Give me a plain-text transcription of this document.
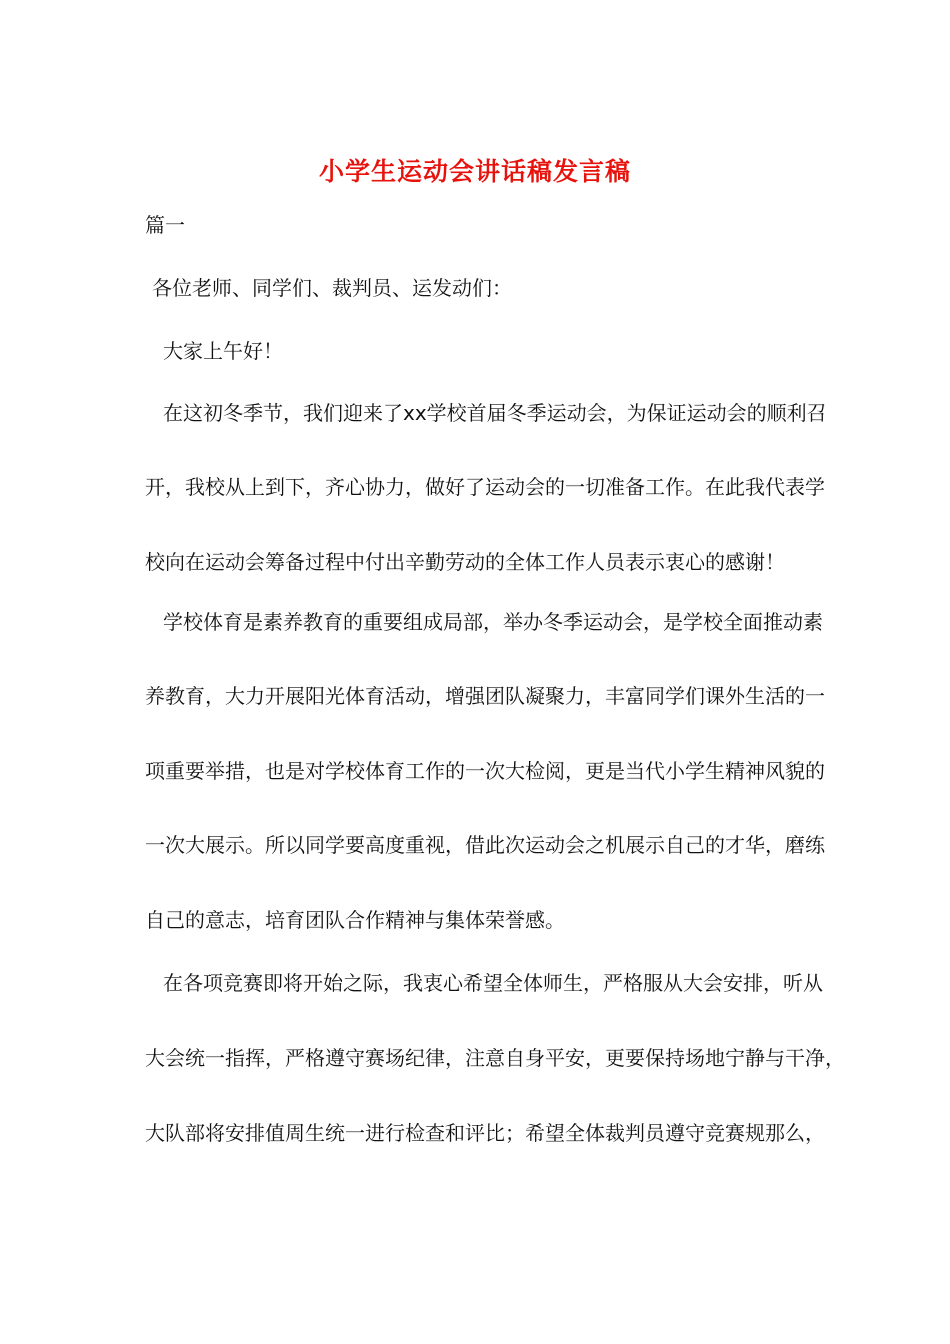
小学生运动会讲话稿发言稿
篇一
各位老师、同学们、裁判员、运发动们：
大家上午好！
在这初冬季节，我们迎来了xx学校首届冬季运动会，为保证运动会的顺利召
开，我校从上到下，齐心协力，做好了运动会的一切准备工作。在此我代表学
校向在运动会筹备过程中付出辛勤劳动的全体工作人员表示衷心的感谢！
学校体育是素养教育的重要组成局部，举办冬季运动会，是学校全面推动素
养教育，大力开展阳光体育活动，增强团队凝聚力，丰富同学们课外生活的一
项重要举措，也是对学校体育工作的一次大检阅，更是当代小学生精神风貌的
一次大展示。所以同学要高度重视，借此次运动会之机展示自己的才华，磨练
自己的意志，培育团队合作精神与集体荣誉感。
在各项竞赛即将开始之际，我衷心希望全体师生，严格服从大会安排，听从
大会统一指挥，严格遵守赛场纪律，注意自身平安，更要保持场地宁静与干净，
大队部将安排值周生统一进行检查和评比；希望全体裁判员遵守竞赛规那么，
